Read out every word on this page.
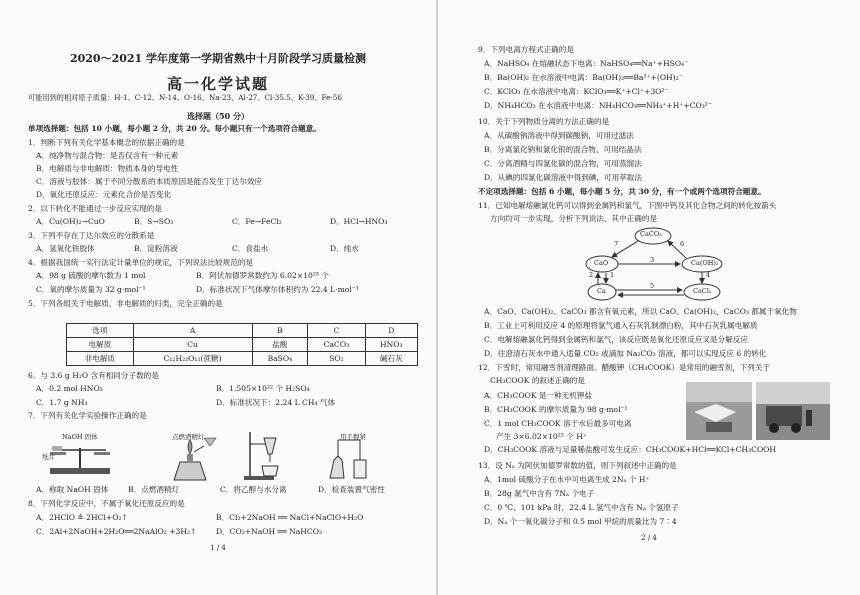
2020～2021 学年度第一学期省熟中十月阶段学习质量检测
高一化学试题
可能用到的相对原子质量：H-1、C-12、N-14、O-16、Na-23、Al-27、Cl-35.5、K-39、Fe-56
选择题（50 分）
单项选择题：包括 10 小题，每小题 2 分，共 20 分。每小题只有一个选项符合题意。
1．判断下列有关化学基本概念的依据正确的是
A．纯净物与混合物：是否仅含有一种元素
B．电解质与非电解质：物质本身的导电性
C．溶液与胶体：属于不同分散系的本质原因是能否发生丁达尔效应
D．氧化还原反应：元素化合价是否变化
2．以下转化不能通过一步反应实现的是
A．Cu(OH)₂→CuO	B．S→SO₃	C．Fe→FeCl₂	D．HCl→HNO₃
3．下列不存在丁达尔效应的分散系是
A．氢氧化铁胶体	B．淀粉溶液	C．食盐水	D．纯水
4．根据我国统一实行法定计量单位的规定，下列说法比较规范的是
A．98 g 硫酸的摩尔数为 1 mol	B．阿伏加德罗常数约为 6.02×10²³ 个
C．氧的摩尔质量为 32 g·mol⁻¹	D．标准状况下气体摩尔体积约为 22.4 L·mol⁻¹
5．下列各组关于电解质、非电解质的归类，完全正确的是
选项	A	B	C	D
电解质	Cu	盐酸	CaCO₃	HNO₃
非电解质	C₁₂H₂₂O₁₁(蔗糖)	BaSO₄	SO₂	碱石灰
6．与 3.6 g H₂O 含有相同分子数的是
A．0.2 mol HNO₃	B．1.505×10²² 个 H₂SO₄
C．1.7 g NH₃	D．标准状况下：2.24 L CH₄ 气体
7．下列有关化学实验操作正确的是
NaOH 固体
纸片
点燃酒精灯	用手握紧
A．称取 NaOH 固体	B．点燃酒精灯	C．将乙醇与水分离	D．检查装置气密性
8．下列化学反应中，不属于氧化还原反应的是
A．2HClO ≜ 2HCl+O₂↑	B．Cl₂+2NaOH ══ NaCl+NaClO+H₂O
C．2Al+2NaOH+2H₂O══2NaAlO₂ +3H₂↑	D．CO₂+NaOH ══ NaHCO₃
1 / 4
9．下列电离方程式正确的是
A．NaHSO₄ 在熔融状态下电离：NaHSO₄══Na⁺+HSO₄⁻
B．Ba(OH)₂ 在水溶液中电离：Ba(OH)₂══Ba²⁺+(OH)₂⁻
C．KClO₃ 在水溶液中电离：KClO₃══K⁺+Cl⁺+3O²⁻
D．NH₄HCO₃ 在水溶液中电离：NH₄HCO₃══NH₄⁺+H⁺+CO₃²⁻
10．关于下列物质分离的方法正确的是
A．从碳酸钠溶液中得到碳酸钠，可用过滤法
B．分离氯化钠和氯化银的混合物，可用结晶法
C．分离酒精与四氯化碳的混合物，可用蒸馏法
D．从碘的四氯化碳溶液中得到碘，可用萃取法
不定项选择题：包括 6 小题，每小题 5 分，共 30 分，有一个或两个选项符合题意。
11．已知电解熔融氯化钙可以得到金属钙和氯气。下图中钙及其化合物之间的转化按箭头
方向均可一步实现，分析下列说法，其中正确的是
CaCO₃
CaO	Ca(OH)₂
Ca	CaCl₂
7	6
3
2	1	4
5
A．CaO、Ca(OH)₂、CaCO₃ 都含有氧元素，所以 CaO、Ca(OH)₂、CaCO₃ 都属于氧化物
B．工业上可利用反应 4 的原理将氯气通入石灰乳制漂白粉，其中石灰乳属电解质
C．电解熔融氯化钙得到金属钙和氯气，该反应既是氧化还原反应又是分解反应
D．往澄清石灰水中通入适量 CO₂ 或滴加 Na₂CO₃ 溶液，都可以实现反应 6 的转化
12．下雪时，常用融雪剂清理路面。醋酸钾（CH₃COOK）是常用的融雪剂，下列关于
CH₃COOK 的叙述正确的是
A．CH₃COOK 是一种无机钾盐
B．CH₃COOK 的摩尔质量为 98 g·mol⁻¹
C．1 mol CH₃COOK 溶于水后最多可电离
产生 3×6.02×10²³ 个 H⁺
D．CH₃COOK 溶液与足量稀盐酸可发生反应：CH₃COOK+HCl══KCl+CH₃COOH
13．设 Nₐ 为阿伏加德罗常数的值，则下列叙述中正确的是
A．1mol 硫酸分子在水中可电离生成 2Nₐ 个 H⁺
B．28g 氮气中含有 7Nₐ 个电子
C．0 ℃、101 kPa 时，22.4 L 氢气中含有 Nₐ 个氢原子
D．Nₐ 个一氧化碳分子和 0.5 mol 甲烷的质量比为 7∶4
2 / 4
